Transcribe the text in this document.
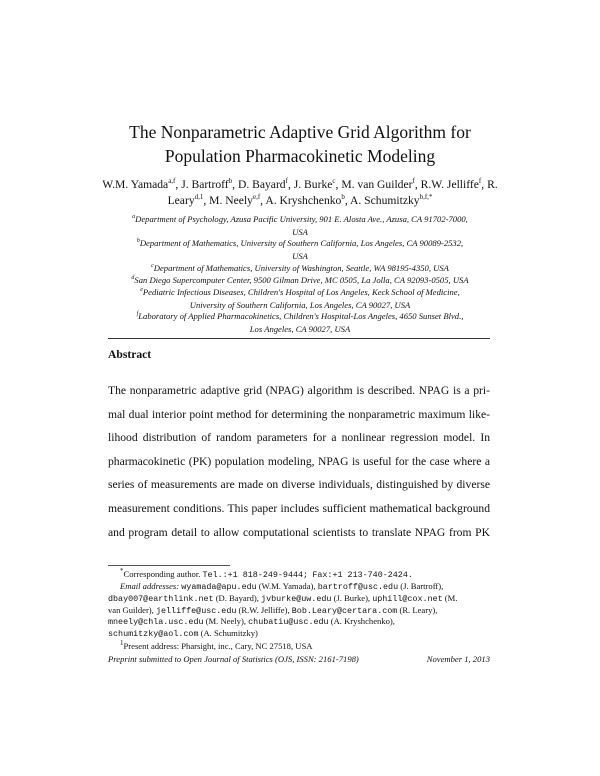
The Nonparametric Adaptive Grid Algorithm for
Population Pharmacokinetic Modeling
W.M. Yamada$^{a,f}$, J. Bartroff$^b$, D. Bayard$^f$, J. Burke$^c$, M. van Guilder$^f$, R.W. Jelliffe$^f$, R. Leary$^{d,1}$, M. Neely$^{e,f}$, A. Kryshchenko$^b$, A. Schumitzky$^{b,f,*}$
$^a$Department of Psychology, Azusa Pacific University, 901 E. Alosta Ave., Azusa, CA 91702-7000,
USA
$^b$Department of Mathematics, University of Southern California, Los Angeles, CA 90089-2532,
USA
$^c$Department of Mathematics, University of Washington, Seattle, WA 98195-4350, USA
$^d$San Diego Supercomputer Center, 9500 Gilman Drive, MC 0505, La Jolla, CA 92093-0505, USA
$^e$Pediatric Infectious Diseases, Children's Hospital of Los Angeles, Keck School of Medicine,
University of Southern California, Los Angeles, CA 90027, USA
$^f$Laboratory of Applied Pharmacokinetics, Children's Hospital-Los Angeles, 4650 Sunset Blvd.,
Los Angeles, CA 90027, USA
Abstract
The nonparametric adaptive grid (NPAG) algorithm is described. NPAG is a pri-
mal dual interior point method for determining the nonparametric maximum like-
lihood distribution of random parameters for a nonlinear regression model. In
pharmacokinetic (PK) population modeling, NPAG is useful for the case where a
series of measurements are made on diverse individuals, distinguished by diverse
measurement conditions. This paper includes sufficient mathematical background
and program detail to allow computational scientists to translate NPAG from PK
*Corresponding author. Tel.:+1 818-249-9444; Fax:+1 213-740-2424.
Email addresses: wyamada@apu.edu (W.M. Yamada), bartroff@usc.edu (J. Bartroff),
dbay007@earthlink.net (D. Bayard), jvburke@uw.edu (J. Burke), uphill@cox.net (M.
van Guilder), jelliffe@usc.edu (R.W. Jelliffe), Bob.Leary@certara.com (R. Leary),
mneely@chla.usc.edu (M. Neely), chubatiu@usc.edu (A. Kryshchenko),
schumitzky@aol.com (A. Schumitzky)
$^1$Present address: Pharsight, inc., Cary, NC 27518, USA
Preprint submitted to Open Journal of Statistics (OJS, ISSN: 2161-7198)	November 1, 2013
